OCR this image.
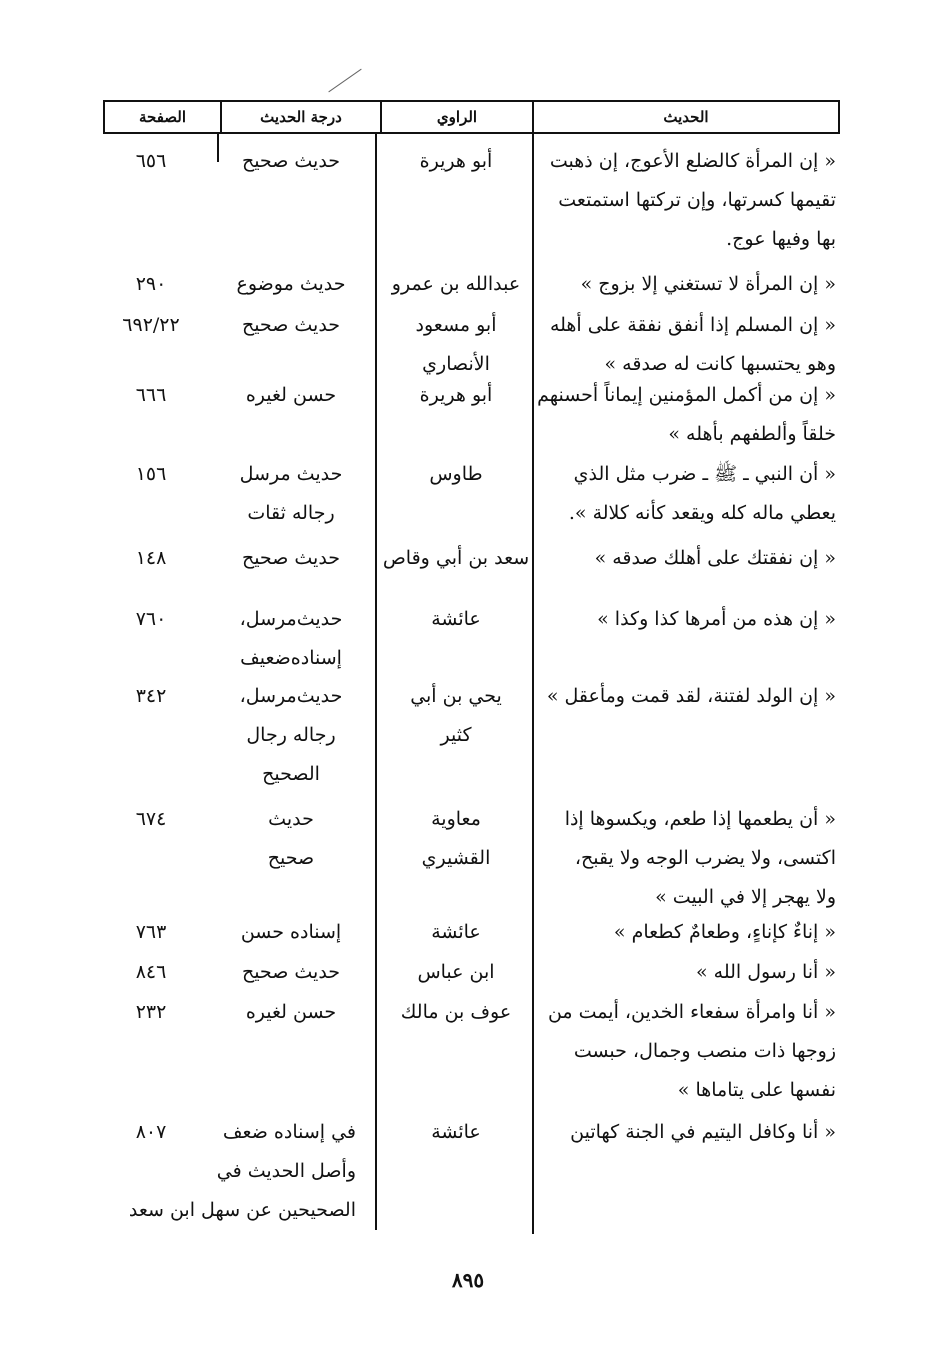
الحديث
الراوي
درجة الحديث
الصفحة
« إن المرأة كالضلع الأعوج، إن ذهبت
تقيمها كسرتها، وإن تركتها استمتعت
بها وفيها عوج.
أبو هريرة
حديث صحيح
٦٥٦
« إن المرأة لا تستغني إلا بزوج »
عبدالله بن عمرو
حديث موضوع
٢٩٠
« إن المسلم إذا أنفق نفقة على أهله
وهو يحتسبها كانت له صدقه »
أبو مسعود
الأنصاري
حديث صحيح
٦٩٢/٢٢
« إن من أكمل المؤمنين إيماناً أحسنهم
خلقاً وألطفهم بأهله »
أبو هريرة
حسن لغيره
٦٦٦
« أن النبي ـ ﷺ ـ ضرب مثل الذي
يعطي ماله كله ويقعد كأنه كلالة ».
طاوس
حديث مرسل
رجاله ثقات
١٥٦
« إن نفقتك على أهلك صدقه »
سعد بن أبي وقاص
حديث صحيح
١٤٨
« إن هذه من أمرها كذا وكذا »
عائشة
حديث‌مرسل،
إسناده‌ضعيف
٧٦٠
« إن الولد لفتنة، لقد قمت ومأعقل »
يحي بن أبي
كثير
حديث‌مرسل،
رجاله رجال
الصحيح
٣٤٢
« أن يطعمها إذا طعم، ويكسوها إذا
اكتسى، ولا يضرب الوجه ولا يقبح،
ولا يهجر إلا في البيت »
معاوية
القشيري
حديث
صحيح
٦٧٤
« إناءٌ كإناءٍ، وطعامٌ كطعام »
عائشة
إسناده حسن
٧٦٣
« أنا رسول الله »
ابن عباس
حديث صحيح
٨٤٦
« أنا وامرأة سفعاء الخدين، أيمت من
زوجها ذات منصب وجمال، حبست
نفسها على يتاماها »
عوف بن مالك
حسن لغيره
٢٣٢
« أنا وكافل اليتيم في الجنة كهاتين
عائشة
في إسناده ضعف
وأصل الحديث في
الصحيحين عن سهل ابن سعد
٨٠٧
٨٩٥
